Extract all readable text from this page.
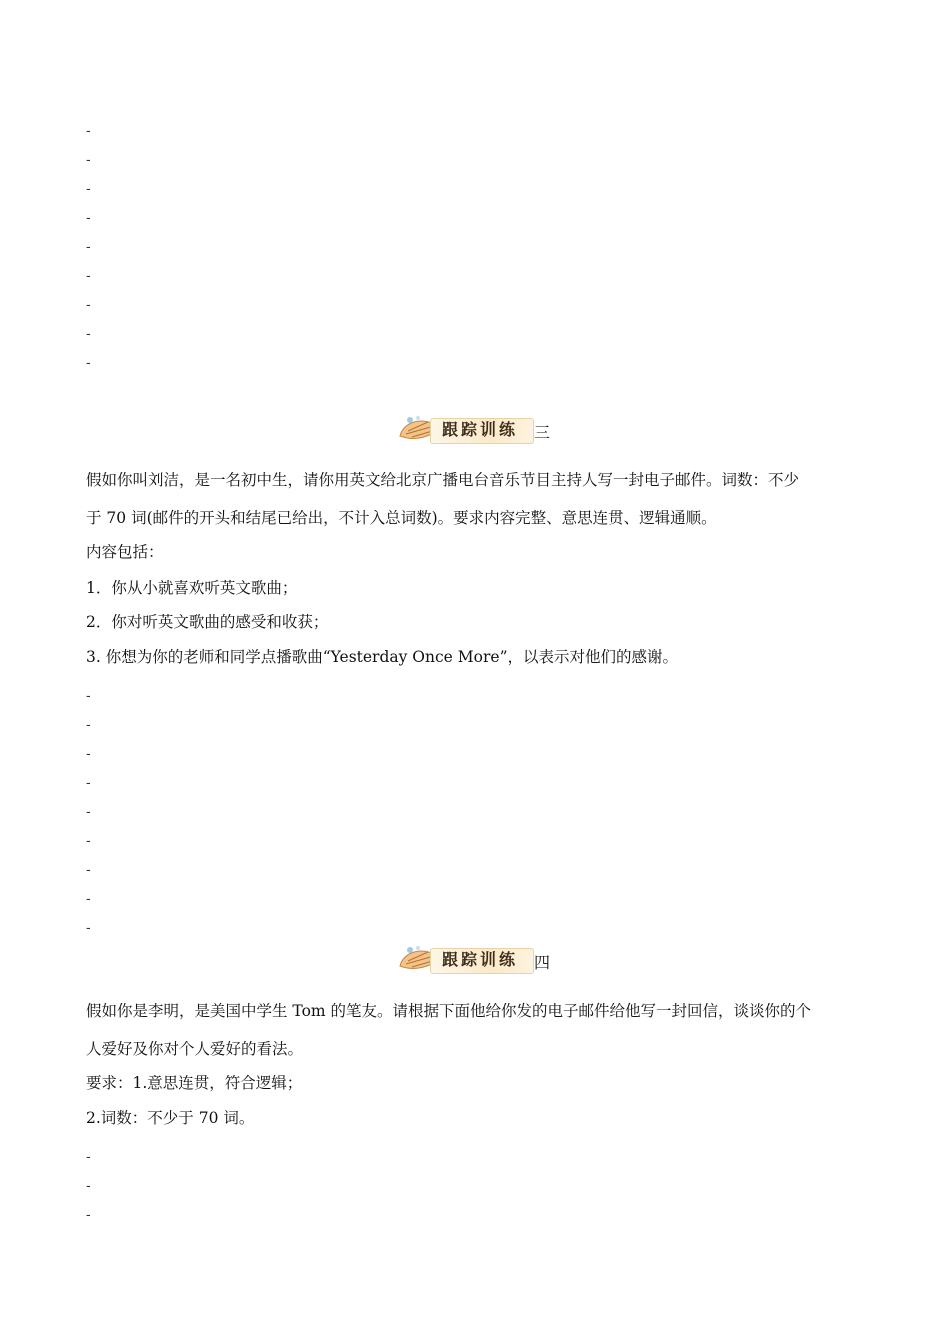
-
-
-
-
-
-
-
-
-
跟踪训练 三
假如你叫刘洁，是一名初中生，请你用英文给北京广播电台音乐节目主持人写一封电子邮件。词数：不少
于 70 词(邮件的开头和结尾已给出，不计入总词数)。要求内容完整、意思连贯、逻辑通顺。
内容包括：
1．你从小就喜欢听英文歌曲；
2．你对听英文歌曲的感受和收获；
3. 你想为你的老师和同学点播歌曲“Yesterday Once More”，以表示对他们的感谢。
-
-
-
-
-
-
-
-
-
跟踪训练 四
假如你是李明，是美国中学生 Tom 的笔友。请根据下面他给你发的电子邮件给他写一封回信，谈谈你的个
人爱好及你对个人爱好的看法。
要求：1.意思连贯，符合逻辑；
2.词数：不少于 70 词。
-
-
-
